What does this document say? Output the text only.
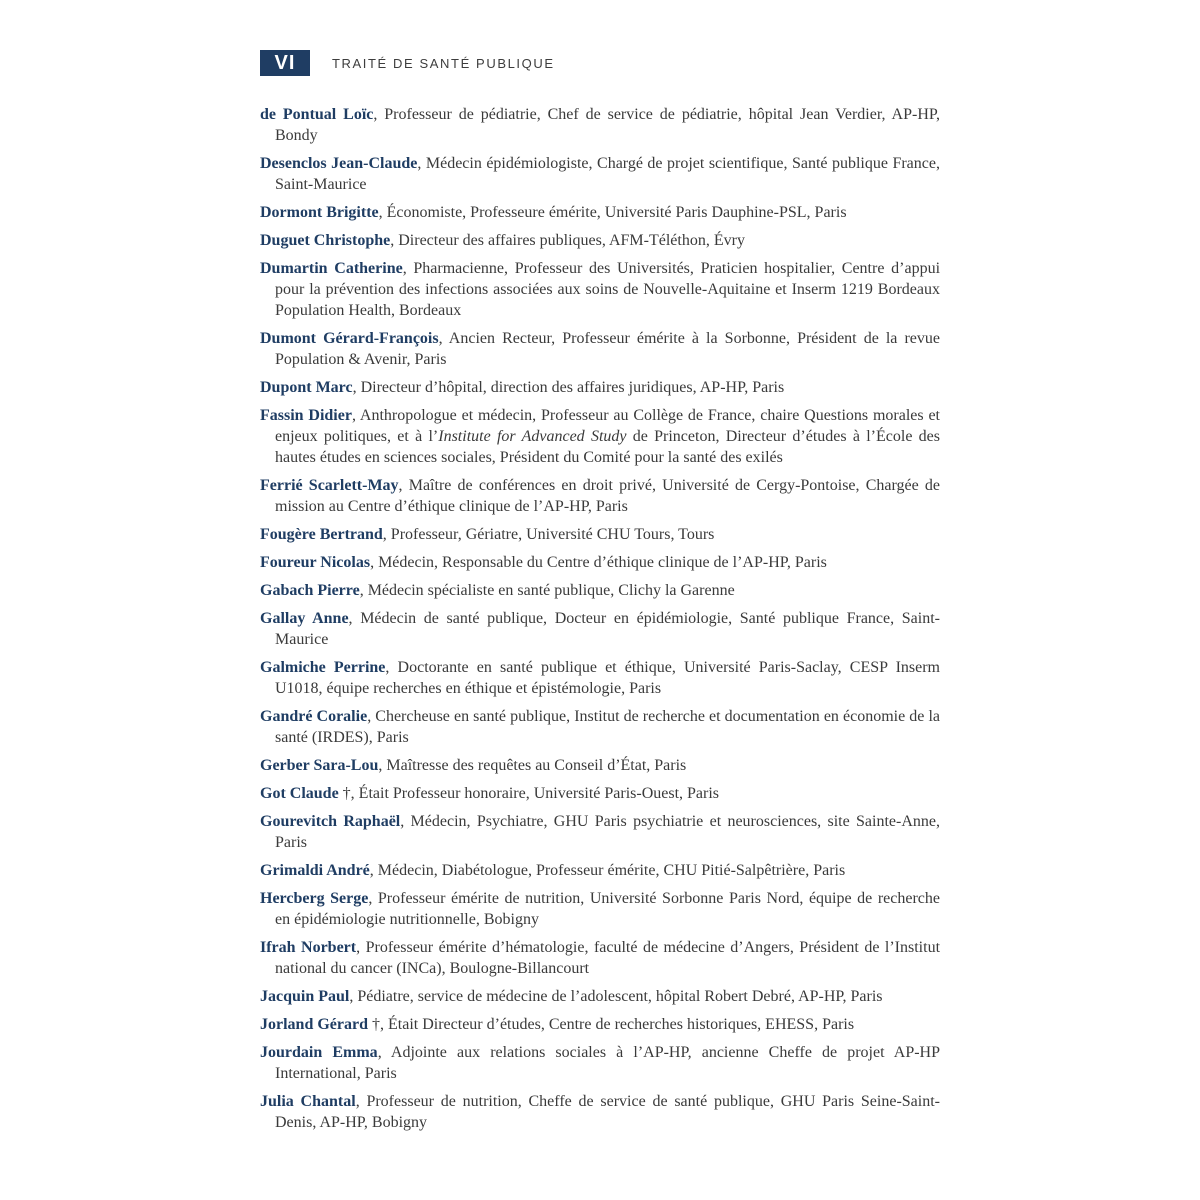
VI	TRAITÉ DE SANTÉ PUBLIQUE

de Pontual Loïc, Professeur de pédiatrie, Chef de service de pédiatrie, hôpital Jean Verdier, AP-HP, Bondy

Desenclos Jean-Claude, Médecin épidémiologiste, Chargé de projet scientifique, Santé publique France, Saint-Maurice

Dormont Brigitte, Économiste, Professeure émérite, Université Paris Dauphine-PSL, Paris

Duguet Christophe, Directeur des affaires publiques, AFM-Téléthon, Évry

Dumartin Catherine, Pharmacienne, Professeur des Universités, Praticien hospitalier, Centre d’appui pour la prévention des infections associées aux soins de Nouvelle-Aquitaine et Inserm 1219 Bordeaux Population Health, Bordeaux

Dumont Gérard-François, Ancien Recteur, Professeur émérite à la Sorbonne, Président de la revue Population & Avenir, Paris

Dupont Marc, Directeur d’hôpital, direction des affaires juridiques, AP-HP, Paris

Fassin Didier, Anthropologue et médecin, Professeur au Collège de France, chaire Questions morales et enjeux politiques, et à l’Institute for Advanced Study de Princeton, Directeur d’études à l’École des hautes études en sciences sociales, Président du Comité pour la santé des exilés

Ferrié Scarlett-May, Maître de conférences en droit privé, Université de Cergy-Pontoise, Chargée de mission au Centre d’éthique clinique de l’AP-HP, Paris

Fougère Bertrand, Professeur, Gériatre, Université CHU Tours, Tours

Foureur Nicolas, Médecin, Responsable du Centre d’éthique clinique de l’AP-HP, Paris

Gabach Pierre, Médecin spécialiste en santé publique, Clichy la Garenne

Gallay Anne, Médecin de santé publique, Docteur en épidémiologie, Santé publique France, Saint-Maurice

Galmiche Perrine, Doctorante en santé publique et éthique, Université Paris-Saclay, CESP Inserm U1018, équipe recherches en éthique et épistémologie, Paris

Gandré Coralie, Chercheuse en santé publique, Institut de recherche et documentation en économie de la santé (IRDES), Paris

Gerber Sara-Lou, Maîtresse des requêtes au Conseil d’État, Paris

Got Claude †, Était Professeur honoraire, Université Paris-Ouest, Paris

Gourevitch Raphaël, Médecin, Psychiatre, GHU Paris psychiatrie et neurosciences, site Sainte-Anne, Paris

Grimaldi André, Médecin, Diabétologue, Professeur émérite, CHU Pitié-Salpêtrière, Paris

Hercberg Serge, Professeur émérite de nutrition, Université Sorbonne Paris Nord, équipe de recherche en épidémiologie nutritionnelle, Bobigny

Ifrah Norbert, Professeur émérite d’hématologie, faculté de médecine d’Angers, Président de l’Institut national du cancer (INCa), Boulogne-Billancourt

Jacquin Paul, Pédiatre, service de médecine de l’adolescent, hôpital Robert Debré, AP-HP, Paris

Jorland Gérard †, Était Directeur d’études, Centre de recherches historiques, EHESS, Paris

Jourdain Emma, Adjointe aux relations sociales à l’AP-HP, ancienne Cheffe de projet AP-HP International, Paris

Julia Chantal, Professeur de nutrition, Cheffe de service de santé publique, GHU Paris Seine-Saint-Denis, AP-HP, Bobigny
